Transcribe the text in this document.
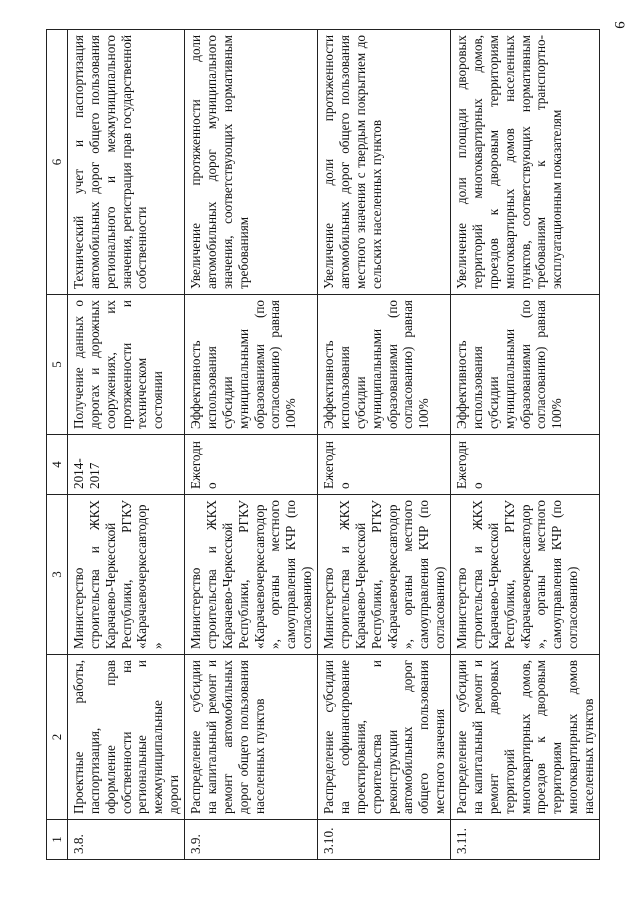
9
1	2	3	4	5	6
3.8.	Проектные работы, паспортизация, оформление прав собственности на региональные и межмуниципальные дороги	Министерство строительства и ЖКХ Карачаево-Черкесской Республики, РГКУ «Карачаевочеркесавтодор»	2014-2017	Получение данных о дорогах и дорожных сооружениях, их протяженности и техническом состоянии	Технический учет и паспортизация автомобильных дорог общего пользования регионального и межмуниципального значения, регистрация прав государственной собственности
3.9.	Распределение субсидии на капитальный ремонт и ремонт автомобильных дорог общего пользования населенных пунктов	Министерство строительства и ЖКХ Карачаево-Черкесской Республики, РГКУ «Карачаевочеркесавтодор», органы местного самоуправления КЧР (по согласованию)	Ежегодно	Эффективность использования субсидии муниципальными образованиями (по согласованию) равная 100%	Увеличение протяженности доли автомобильных дорог муниципального значения, соответствующих нормативным требованиям
3.10.	Распределение субсидии на софинансирование проектирования, строительства и реконструкции автомобильных дорог общего пользования местного значения	Министерство строительства и ЖКХ Карачаево-Черкесской Республики, РГКУ «Карачаевочеркесавтодор», органы местного самоуправления КЧР (по согласованию)	Ежегодно	Эффективность использования субсидии муниципальными образованиями (по согласованию) равная 100%	Увеличение доли протяженности автомобильных дорог общего пользования местного значения с твердым покрытием до сельских населенных пунктов
3.11.	Распределение субсидии на капитальный ремонт и ремонт дворовых территорий многоквартирных домов, проездов к дворовым территориям многоквартирных домов населенных пунктов	Министерство строительства и ЖКХ Карачаево-Черкесской Республики, РГКУ «Карачаевочеркесавтодор», органы местного самоуправления КЧР (по согласованию)	Ежегодно	Эффективность использования субсидии муниципальными образованиями (по согласованию) равная 100%	Увеличение доли площади дворовых территорий многоквартирных домов, проездов к дворовым территориям многоквартирных домов населенных пунктов, соответствующих нормативным требованиям к транспортно-эксплуатационным показателям
